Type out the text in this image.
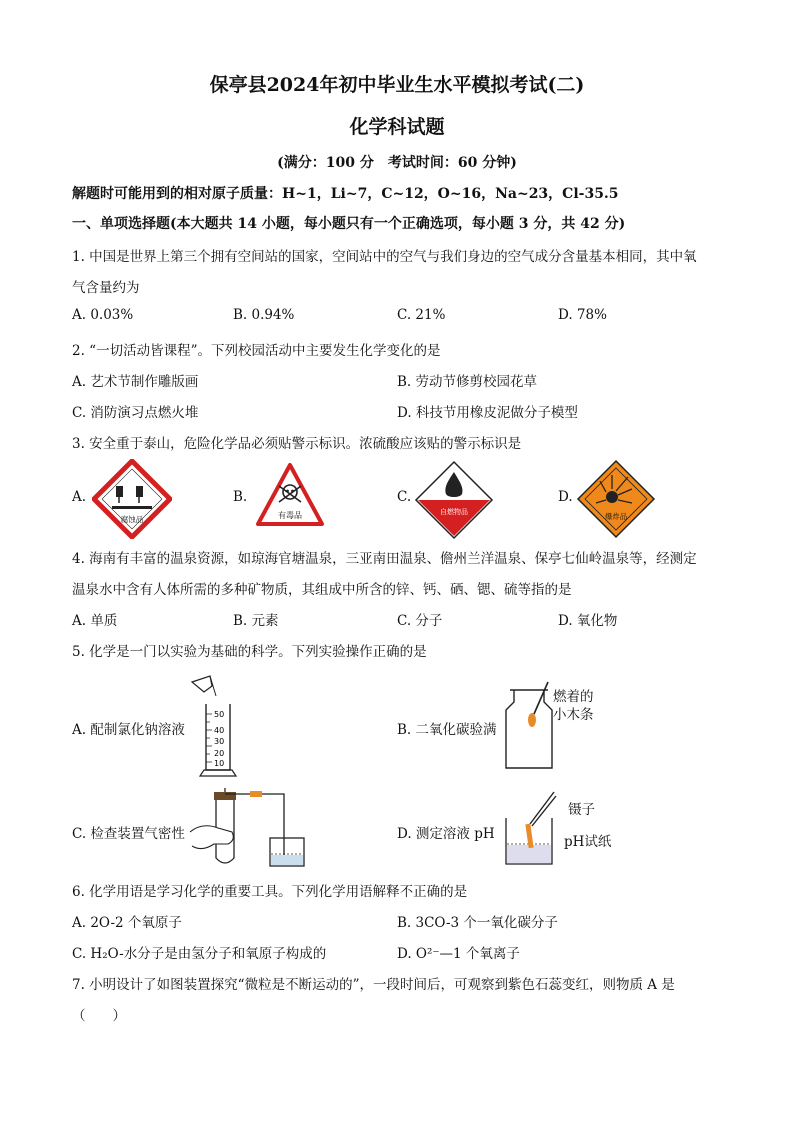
保亭县2024年初中毕业生水平模拟考试(二)
化学科试题
(满分：100 分　考试时间：60 分钟)
解题时可能用到的相对原子质量：H~1，Li~7，C~12，O~16，Na~23，Cl-35.5
一、单项选择题(本大题共 14 小题，每小题只有一个正确选项，每小题 3 分，共 42 分)
1. 中国是世界上第三个拥有空间站的国家，空间站中的空气与我们身边的空气成分含量基本相同，其中氧
气含量约为
A. 0.03%	B. 0.94%	C. 21%	D. 78%
2. “一切活动皆课程”。下列校园活动中主要发生化学变化的是
A. 艺术节制作雕版画	B. 劳动节修剪校园花草
C. 消防演习点燃火堆	D. 科技节用橡皮泥做分子模型
3. 安全重于泰山，危险化学品必须贴警示标识。浓硫酸应该贴的警示标识是
A.	B.	C.	D.
腐蚀品	有毒品	自燃物品	爆炸品
4. 海南有丰富的温泉资源，如琼海官塘温泉，三亚南田温泉、儋州兰洋温泉、保亭七仙岭温泉等，经测定
温泉水中含有人体所需的多种矿物质，其组成中所含的锌、钙、硒、锶、硫等指的是
A. 单质	B. 元素	C. 分子	D. 氧化物
5. 化学是一门以实验为基础的科学。下列实验操作正确的是
A. 配制氯化钠溶液	B. 二氧化碳验满
C. 检查装置气密性	D. 测定溶液 pH
50
40
30
20
10
燃着的
小木条
镊子
pH试纸
6. 化学用语是学习化学的重要工具。下列化学用语解释不正确的是
A. 2O-2 个氧原子	B. 3CO-3 个一氧化碳分子
C. H₂O-水分子是由氢分子和氧原子构成的	D. O²⁻—1 个氧离子
7. 小明设计了如图装置探究“微粒是不断运动的”，一段时间后，可观察到紫色石蕊变红，则物质 A 是
（　　）
